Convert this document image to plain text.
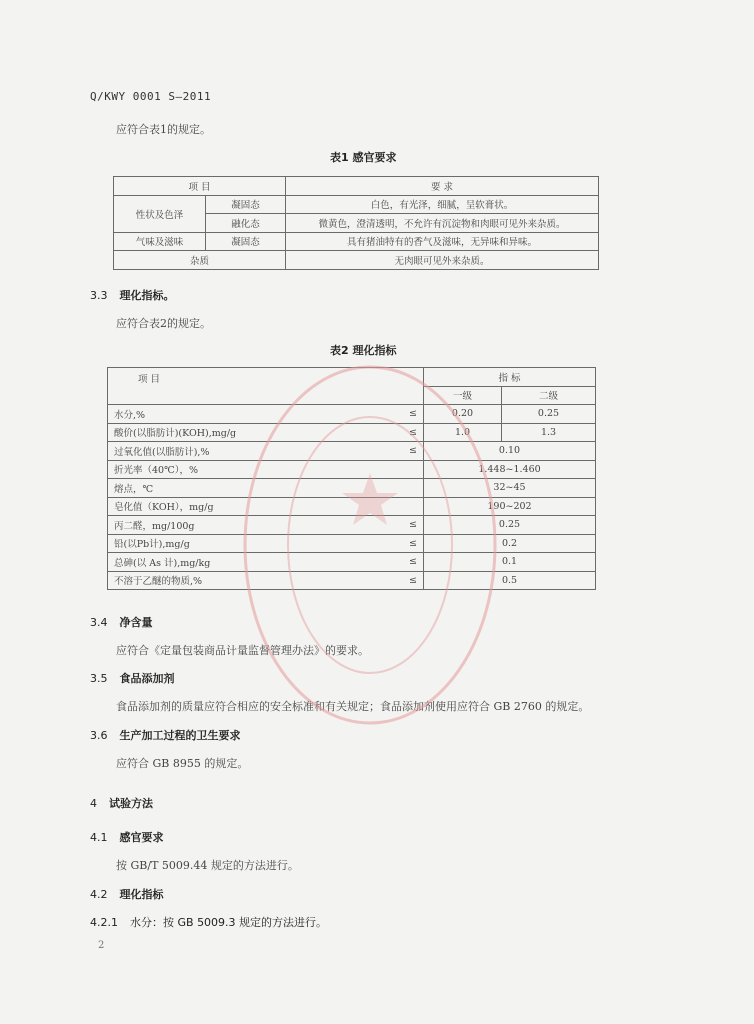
Q/KWY 0001 S—2011
应符合表1的规定。
表1 感官要求
项 目		要 求
性状及色泽	凝固态	白色，有光泽，细腻，呈软膏状。
	融化态	微黄色，澄清透明，不允许有沉淀物和肉眼可见外来杂质。
气味及滋味	凝固态	具有猪油特有的香气及滋味，无异味和异味。
杂质		无肉眼可见外来杂质。
3.3 理化指标。
应符合表2的规定。
表2 理化指标
项 目		指 标	
		一级	二级
水分,%	≤	0.20	0.25
酸价(以脂肪计)(KOH),mg/g	≤	1.0	1.3
过氧化值(以脂肪计),%	≤	0.10	
折光率（40℃），%		1.448~1.460	
熔点，℃		32~45	
皂化值（KOH），mg/g		190~202	
丙二醛，mg/100g	≤	0.25	
铅(以Pb计),mg/g	≤	0.2	
总砷(以 As 计),mg/kg	≤	0.1	
不溶于乙醚的物质,%	≤	0.5	
3.4 净含量
应符合《定量包装商品计量监督管理办法》的要求。
3.5 食品添加剂
食品添加剂的质量应符合相应的安全标准和有关规定；食品添加剂使用应符合 GB 2760 的规定。
3.6 生产加工过程的卫生要求
应符合 GB 8955 的规定。
4 试验方法
4.1 感官要求
按 GB/T 5009.44 规定的方法进行。
4.2 理化指标
4.2.1 水分：按 GB 5009.3 规定的方法进行。
2
